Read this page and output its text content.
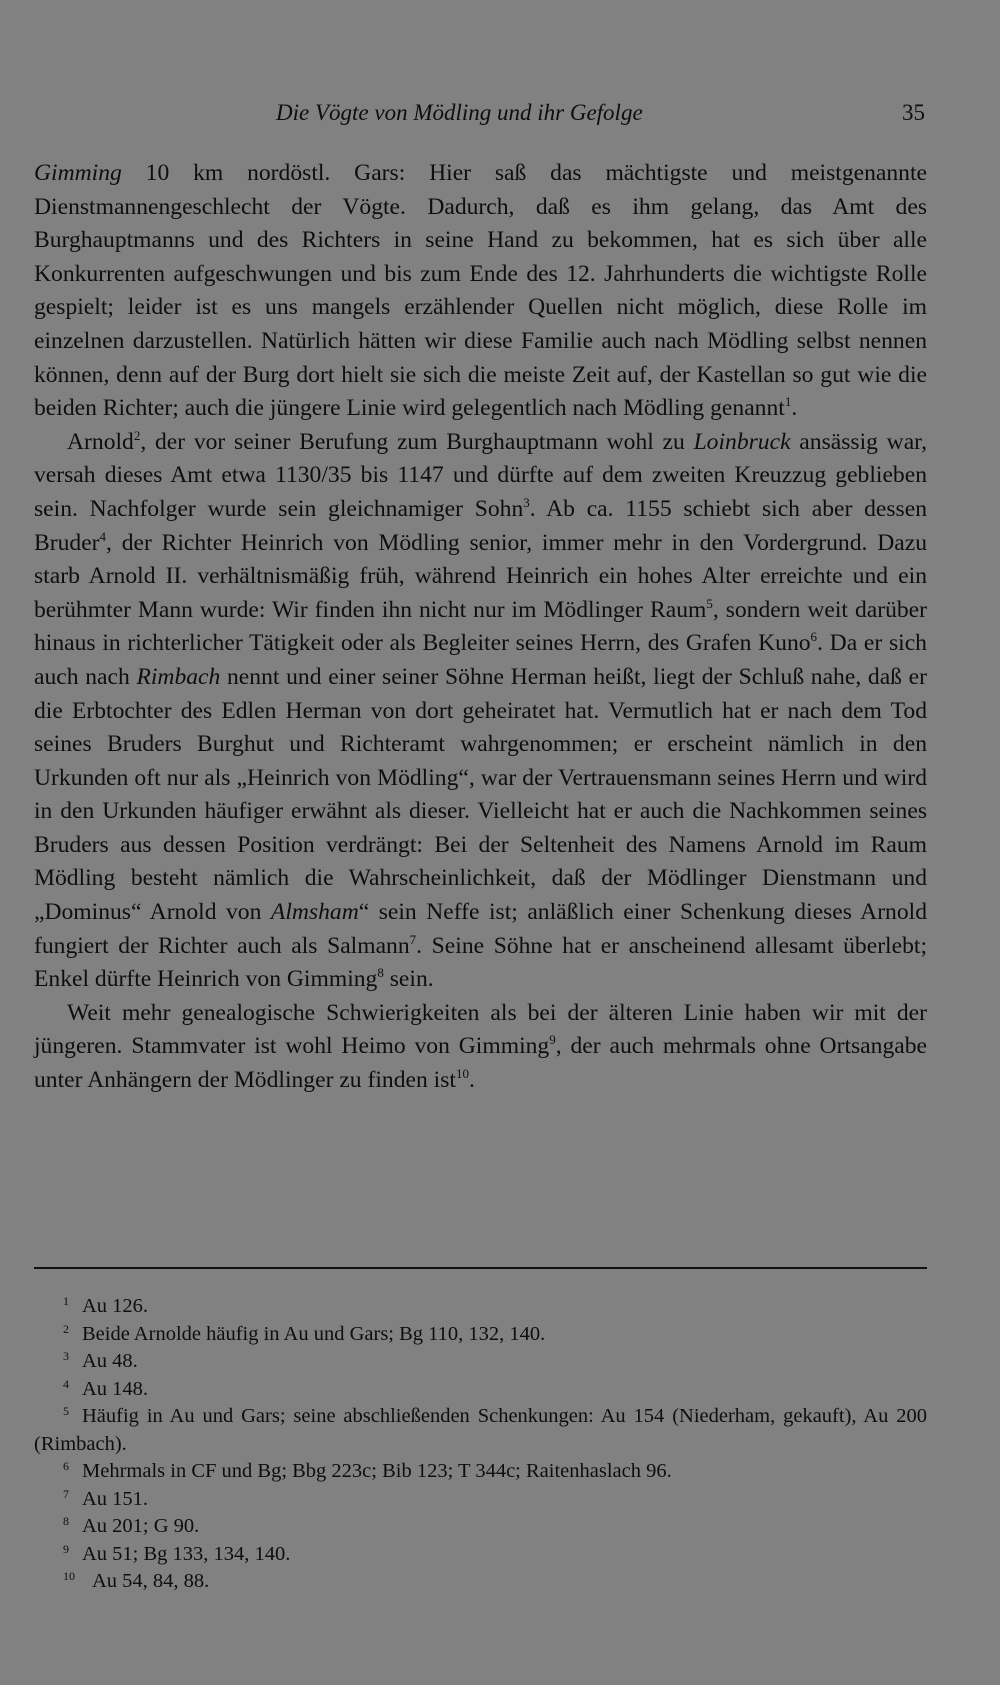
Die Vögte von Mödling und ihr Gefolge	35

Gimming 10 km nordöstl. Gars: Hier saß das mächtigste und meistgenannte Dienstmannengeschlecht der Vögte. Dadurch, daß es ihm gelang, das Amt des Burghauptmanns und des Richters in seine Hand zu bekommen, hat es sich über alle Konkurrenten aufgeschwungen und bis zum Ende des 12. Jahrhunderts die wichtigste Rolle gespielt; leider ist es uns mangels erzählender Quellen nicht möglich, diese Rolle im einzelnen darzustellen. Natürlich hätten wir diese Familie auch nach Mödling selbst nennen können, denn auf der Burg dort hielt sie sich die meiste Zeit auf, der Kastellan so gut wie die beiden Richter; auch die jüngere Linie wird gelegentlich nach Mödling genannt$^1$.

Arnold$^2$, der vor seiner Berufung zum Burghauptmann wohl zu Loinbruck ansässig war, versah dieses Amt etwa 1130/35 bis 1147 und dürfte auf dem zweiten Kreuzzug geblieben sein. Nachfolger wurde sein gleichnamiger Sohn$^3$. Ab ca. 1155 schiebt sich aber dessen Bruder$^4$, der Richter Heinrich von Mödling senior, immer mehr in den Vordergrund. Dazu starb Arnold II. verhältnismäßig früh, während Heinrich ein hohes Alter erreichte und ein berühmter Mann wurde: Wir finden ihn nicht nur im Mödlinger Raum$^5$, sondern weit darüber hinaus in richterlicher Tätigkeit oder als Begleiter seines Herrn, des Grafen Kuno$^6$. Da er sich auch nach Rimbach nennt und einer seiner Söhne Herman heißt, liegt der Schluß nahe, daß er die Erbtochter des Edlen Herman von dort geheiratet hat. Vermutlich hat er nach dem Tod seines Bruders Burghut und Richteramt wahrgenommen; er erscheint nämlich in den Urkunden oft nur als „Heinrich von Mödling“, war der Vertrauensmann seines Herrn und wird in den Urkunden häufiger erwähnt als dieser. Vielleicht hat er auch die Nachkommen seines Bruders aus dessen Position verdrängt: Bei der Seltenheit des Namens Arnold im Raum Mödling besteht nämlich die Wahrscheinlichkeit, daß der Mödlinger Dienstmann und „Dominus“ Arnold von Almsham“ sein Neffe ist; anläßlich einer Schenkung dieses Arnold fungiert der Richter auch als Salmann$^7$. Seine Söhne hat er anscheinend allesamt überlebt; Enkel dürfte Heinrich von Gimming$^8$ sein.

Weit mehr genealogische Schwierigkeiten als bei der älteren Linie haben wir mit der jüngeren. Stammvater ist wohl Heimo von Gimming$^9$, der auch mehrmals ohne Ortsangabe unter Anhängern der Mödlinger zu finden ist$^{10}$.

1 Au 126.
2 Beide Arnolde häufig in Au und Gars; Bg 110, 132, 140.
3 Au 48.
4 Au 148.
5 Häufig in Au und Gars; seine abschließenden Schenkungen: Au 154 (Niederham, gekauft), Au 200 (Rimbach).
6 Mehrmals in CF und Bg; Bbg 223c; Bib 123; T 344c; Raitenhaslach 96.
7 Au 151.
8 Au 201; G 90.
9 Au 51; Bg 133, 134, 140.
10 Au 54, 84, 88.
